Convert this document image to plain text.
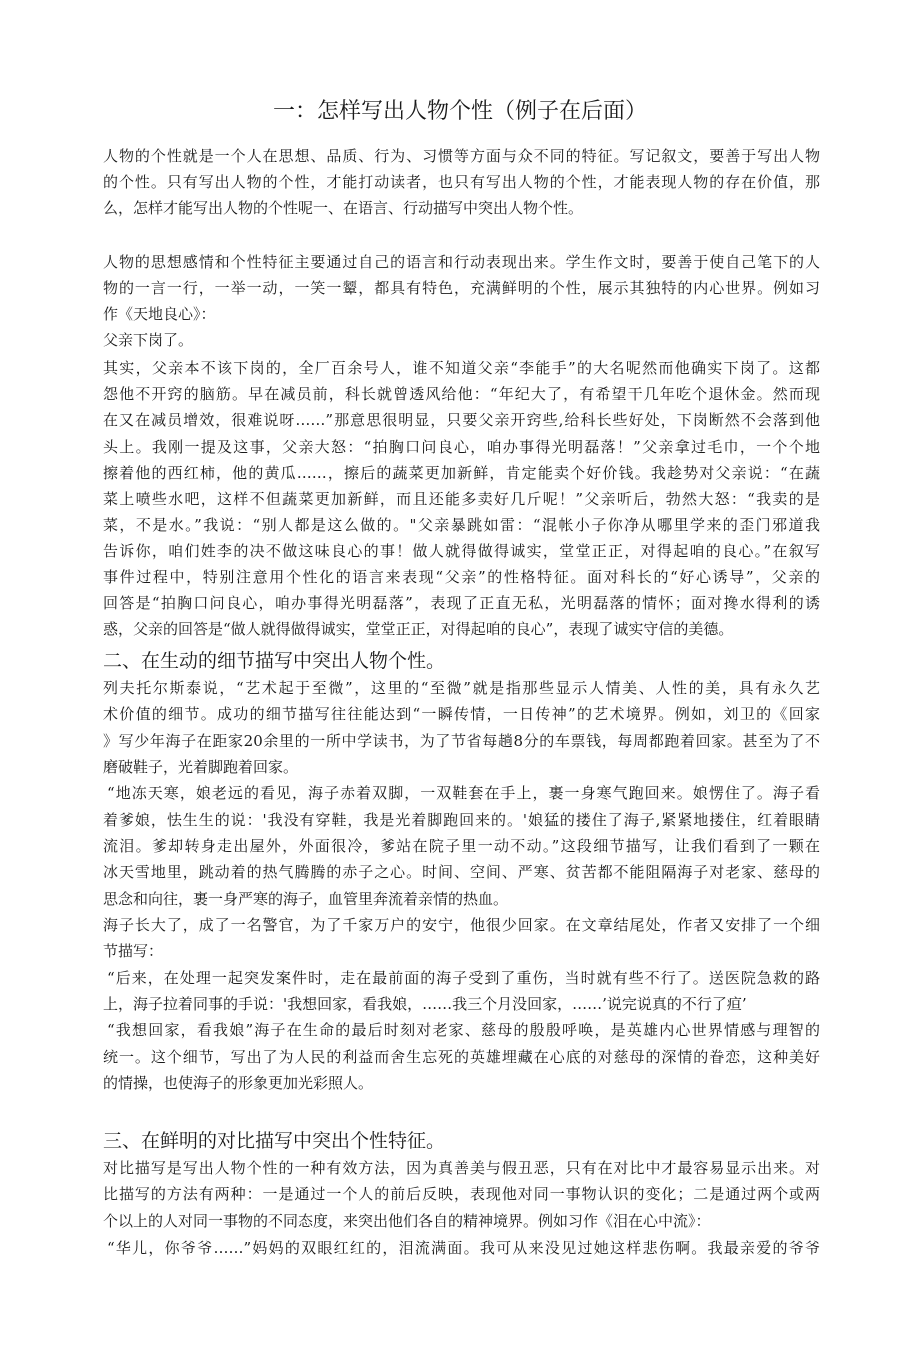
一：怎样写出人物个性（例子在后面）
二、在生动的细节描写中突出人物个性。
三、在鲜明的对比描写中突出个性特征。
人物的个性就是一个人在思想、品质、行为、习惯等方面与众不同的特征。写记叙文，要善于写出人物
的个性。只有写出人物的个性，才能打动读者，也只有写出人物的个性，才能表现人物的存在价值，那
么，怎样才能写出人物的个性呢一、在语言、行动描写中突出人物个性。
人物的思想感情和个性特征主要通过自己的语言和行动表现出来。学生作文时，要善于使自己笔下的人
物的一言一行，一举一动，一笑一颦，都具有特色，充满鲜明的个性，展示其独特的内心世界。例如习
作《天地良心》：
父亲下岗了。
其实，父亲本不该下岗的，全厂百余号人，谁不知道父亲“李能手”的大名呢然而他确实下岗了。这都
怨他不开窍的脑筋。早在减员前，科长就曾透风给他：“年纪大了，有希望干几年吃个退休金。然而现
在又在减员增效，很难说呀……”那意思很明显，只要父亲开窍些,给科长些好处，下岗断然不会落到他
头上。我刚一提及这事，父亲大怒：“拍胸口问良心，咱办事得光明磊落！”父亲拿过毛巾，一个个地
擦着他的西红柿，他的黄瓜……，擦后的蔬菜更加新鲜，肯定能卖个好价钱。我趁势对父亲说：“在蔬
菜上喷些水吧，这样不但蔬菜更加新鲜，而且还能多卖好几斤呢！”父亲听后，勃然大怒：“我卖的是
菜，不是水。”我说：“别人都是这么做的。"父亲暴跳如雷：“混帐小子你净从哪里学来的歪门邪道我
告诉你，咱们姓李的决不做这味良心的事！做人就得做得诚实，堂堂正正，对得起咱的良心。”在叙写
事件过程中，特别注意用个性化的语言来表现“父亲”的性格特征。面对科长的“好心诱导”，父亲的
回答是“拍胸口问良心，咱办事得光明磊落”，表现了正直无私，光明磊落的情怀；面对搀水得利的诱
惑，父亲的回答是“做人就得做得诚实，堂堂正正，对得起咱的良心”，表现了诚实守信的美德。
列夫托尔斯泰说，“艺术起于至微”，这里的“至微”就是指那些显示人情美、人性的美，具有永久艺
术价值的细节。成功的细节描写往往能达到“一瞬传情，一日传神”的艺术境界。例如，刘卫的《回家
》写少年海子在距家20余里的一所中学读书，为了节省每趟8分的车票钱，每周都跑着回家。甚至为了不
磨破鞋子，光着脚跑着回家。
“地冻天寒，娘老远的看见，海子赤着双脚，一双鞋套在手上，裹一身寒气跑回来。娘愣住了。海子看
着爹娘，怯生生的说：'我没有穿鞋，我是光着脚跑回来的。'娘猛的搂住了海子,紧紧地搂住，红着眼睛
流泪。爹却转身走出屋外，外面很冷，爹站在院子里一动不动。”这段细节描写，让我们看到了一颗在
冰天雪地里，跳动着的热气腾腾的赤子之心。时间、空间、严寒、贫苦都不能阻隔海子对老家、慈母的
思念和向往，裹一身严寒的海子，血管里奔流着亲情的热血。
海子长大了，成了一名警官，为了千家万户的安宁，他很少回家。在文章结尾处，作者又安排了一个细
节描写：
“后来，在处理一起突发案件时，走在最前面的海子受到了重伤，当时就有些不行了。送医院急救的路
上，海子拉着同事的手说：'我想回家，看我娘，……我三个月没回家，……’说完说真的不行了疸’
“我想回家，看我娘”海子在生命的最后时刻对老家、慈母的殷殷呼唤，是英雄内心世界情感与理智的
统一。这个细节，写出了为人民的利益而舍生忘死的英雄埋藏在心底的对慈母的深情的眷恋，这种美好
的情操，也使海子的形象更加光彩照人。
对比描写是写出人物个性的一种有效方法，因为真善美与假丑恶，只有在对比中才最容易显示出来。对
比描写的方法有两种：一是通过一个人的前后反映，表现他对同一事物认识的变化；二是通过两个或两
个以上的人对同一事物的不同态度，来突出他们各自的精神境界。例如习作《泪在心中流》：
“华儿，你爷爷……”妈妈的双眼红红的，泪流满面。我可从来没见过她这样悲伤啊。我最亲爱的爷爷
